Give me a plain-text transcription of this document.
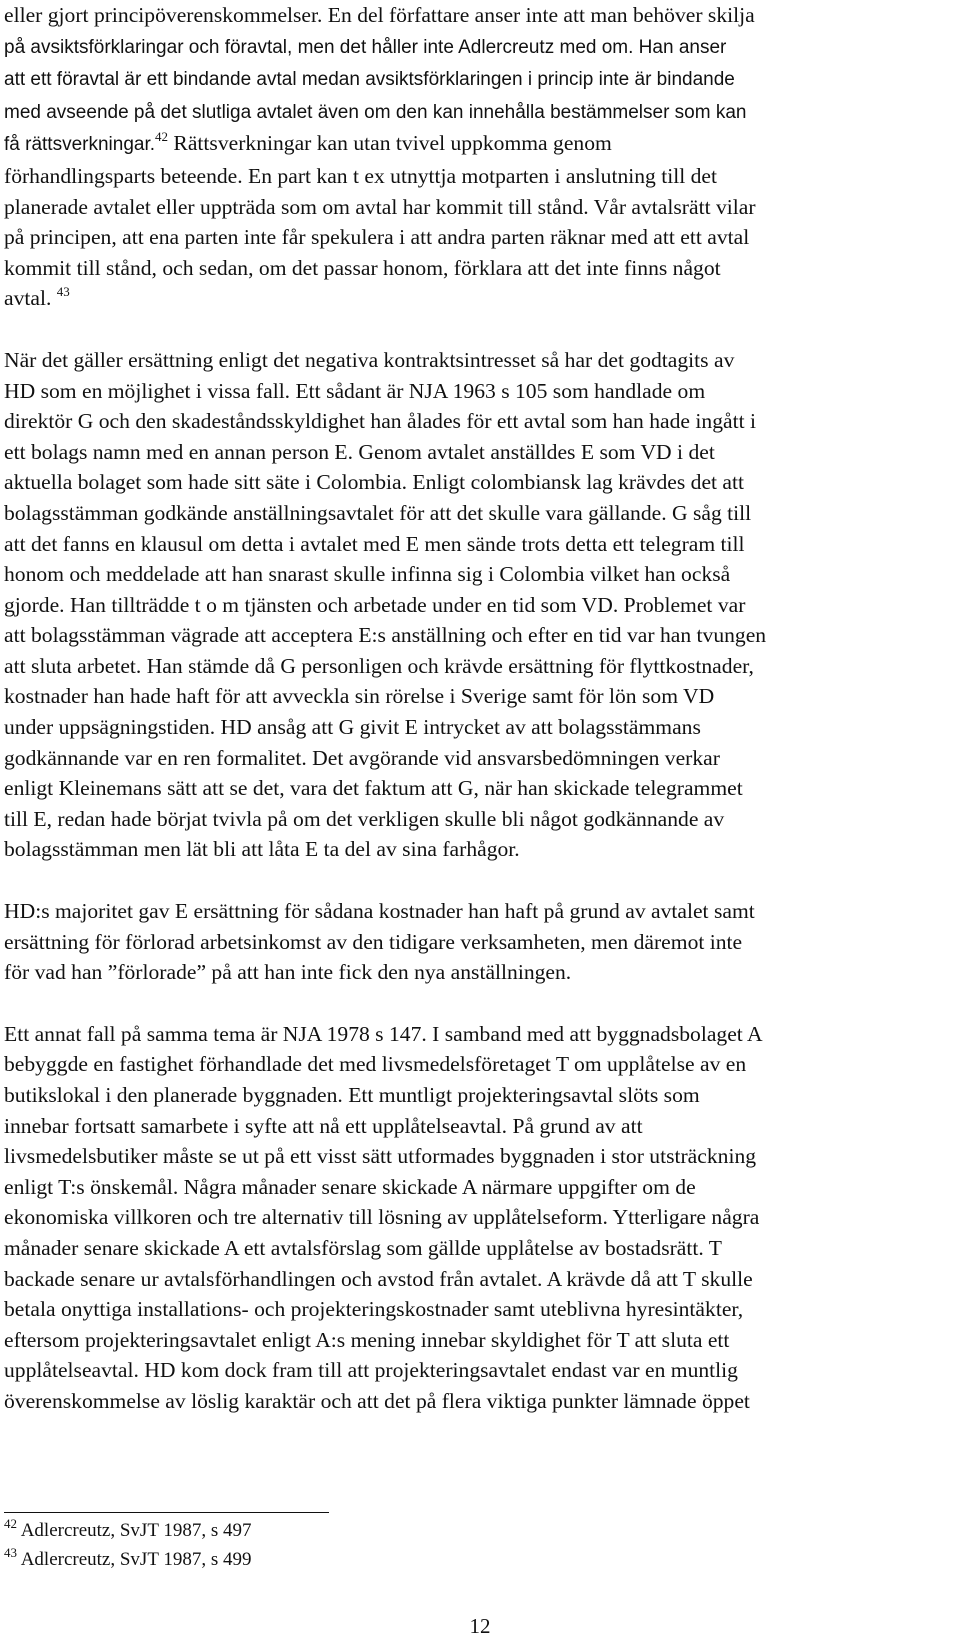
eller gjort principöverenskommelser. En del författare anser inte att man behöver skilja
på avsiktsförklaringar och föravtal, men det håller inte Adlercreutz med om. Han anser
att ett föravtal är ett bindande avtal medan avsiktsförklaringen i princip inte är bindande
med avseende på det slutliga avtalet även om den kan innehålla bestämmelser som kan
få rättsverkningar.$^{42}$ Rättsverkningar kan utan tvivel uppkomma genom
förhandlingsparts beteende. En part kan t ex utnyttja motparten i anslutning till det
planerade avtalet eller uppträda som om avtal har kommit till stånd. Vår avtalsrätt vilar
på principen, att ena parten inte får spekulera i att andra parten räknar med att ett avtal
kommit till stånd, och sedan, om det passar honom, förklara att det inte finns något
avtal. $^{43}$
När det gäller ersättning enligt det negativa kontraktsintresset så har det godtagits av
HD som en möjlighet i vissa fall. Ett sådant är NJA 1963 s 105 som handlade om
direktör G och den skadeståndsskyldighet han ålades för ett avtal som han hade ingått i
ett bolags namn med en annan person E. Genom avtalet anställdes E som VD i det
aktuella bolaget som hade sitt säte i Colombia. Enligt colombiansk lag krävdes det att
bolagsstämman godkände anställningsavtalet för att det skulle vara gällande. G såg till
att det fanns en klausul om detta i avtalet med E men sände trots detta ett telegram till
honom och meddelade att han snarast skulle infinna sig i Colombia vilket han också
gjorde. Han tillträdde t o m tjänsten och arbetade under en tid som VD. Problemet var
att bolagsstämman vägrade att acceptera E:s anställning och efter en tid var han tvungen
att sluta arbetet. Han stämde då G personligen och krävde ersättning för flyttkostnader,
kostnader han hade haft för att avveckla sin rörelse i Sverige samt för lön som VD
under uppsägningstiden. HD ansåg att G givit E intrycket av att bolagsstämmans
godkännande var en ren formalitet. Det avgörande vid ansvarsbedömningen verkar
enligt Kleinemans sätt att se det, vara det faktum att G, när han skickade telegrammet
till E, redan hade börjat tvivla på om det verkligen skulle bli något godkännande av
bolagsstämman men lät bli att låta E ta del av sina farhågor.
HD:s majoritet gav E ersättning för sådana kostnader han haft på grund av avtalet samt
ersättning för förlorad arbetsinkomst av den tidigare verksamheten, men däremot inte
för vad han ”förlorade” på att han inte fick den nya anställningen.
Ett annat fall på samma tema är NJA 1978 s 147. I samband med att byggnadsbolaget A
bebyggde en fastighet förhandlade det med livsmedelsföretaget T om upplåtelse av en
butikslokal i den planerade byggnaden. Ett muntligt projekteringsavtal slöts som
innebar fortsatt samarbete i syfte att nå ett upplåtelseavtal. På grund av att
livsmedelsbutiker måste se ut på ett visst sätt utformades byggnaden i stor utsträckning
enligt T:s önskemål. Några månader senare skickade A närmare uppgifter om de
ekonomiska villkoren och tre alternativ till lösning av upplåtelseform. Ytterligare några
månader senare skickade A ett avtalsförslag som gällde upplåtelse av bostadsrätt. T
backade senare ur avtalsförhandlingen och avstod från avtalet. A krävde då att T skulle
betala onyttiga installations- och projekteringskostnader samt uteblivna hyresintäkter,
eftersom projekteringsavtalet enligt A:s mening innebar skyldighet för T att sluta ett
upplåtelseavtal. HD kom dock fram till att projekteringsavtalet endast var en muntlig
överenskommelse av löslig karaktär och att det på flera viktiga punkter lämnade öppet
$^{42}$ Adlercreutz, SvJT 1987, s 497
$^{43}$ Adlercreutz, SvJT 1987, s 499
12
